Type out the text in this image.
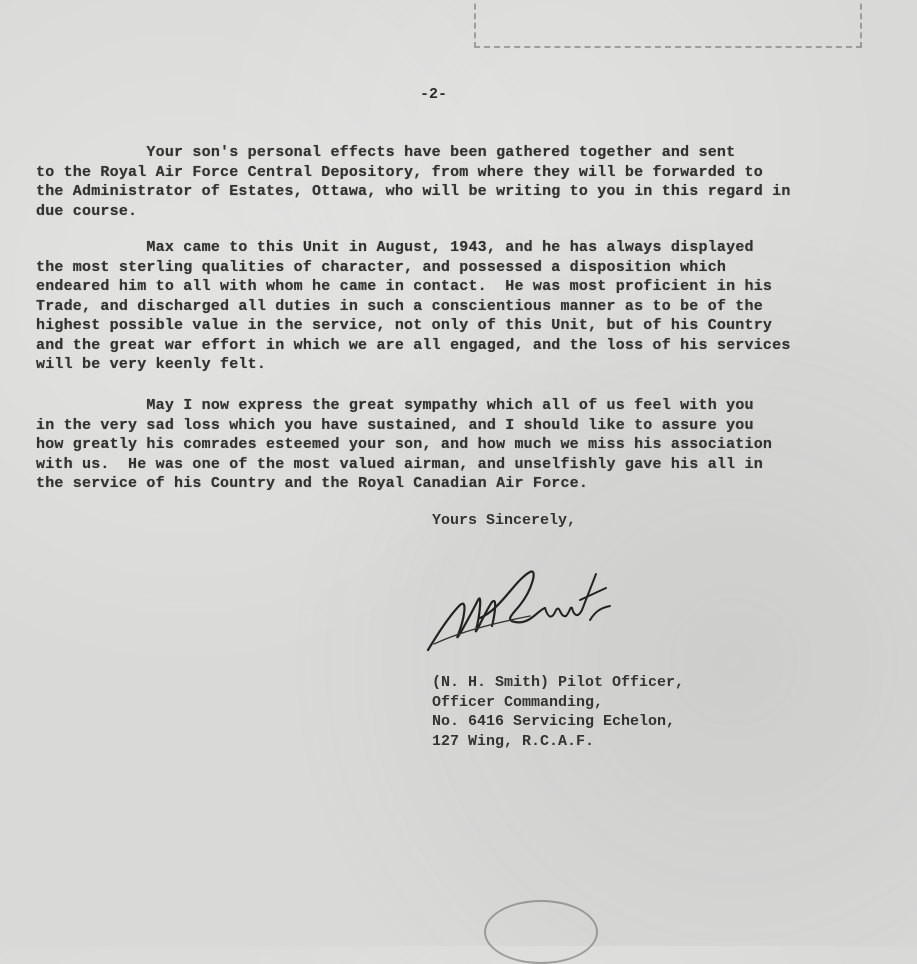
-2-

Your son's personal effects have been gathered together and sent
to the Royal Air Force Central Depository, from where they will be forwarded to
the Administrator of Estates, Ottawa, who will be writing to you in this regard in
due course.

Max came to this Unit in August, 1943, and he has always displayed
the most sterling qualities of character, and possessed a disposition which
endeared him to all with whom he came in contact.  He was most proficient in his
Trade, and discharged all duties in such a conscientious manner as to be of the
highest possible value in the service, not only of this Unit, but of his Country
and the great war effort in which we are all engaged, and the loss of his services
will be very keenly felt.

May I now express the great sympathy which all of us feel with you
in the very sad loss which you have sustained, and I should like to assure you
how greatly his comrades esteemed your son, and how much we miss his association
with us.  He was one of the most valued airman, and unselfishly gave his all in
the service of his Country and the Royal Canadian Air Force.

Yours Sincerely,
(N. H. Smith) Pilot Officer,
Officer Commanding,
No. 6416 Servicing Echelon,
127 Wing, R.C.A.F.
